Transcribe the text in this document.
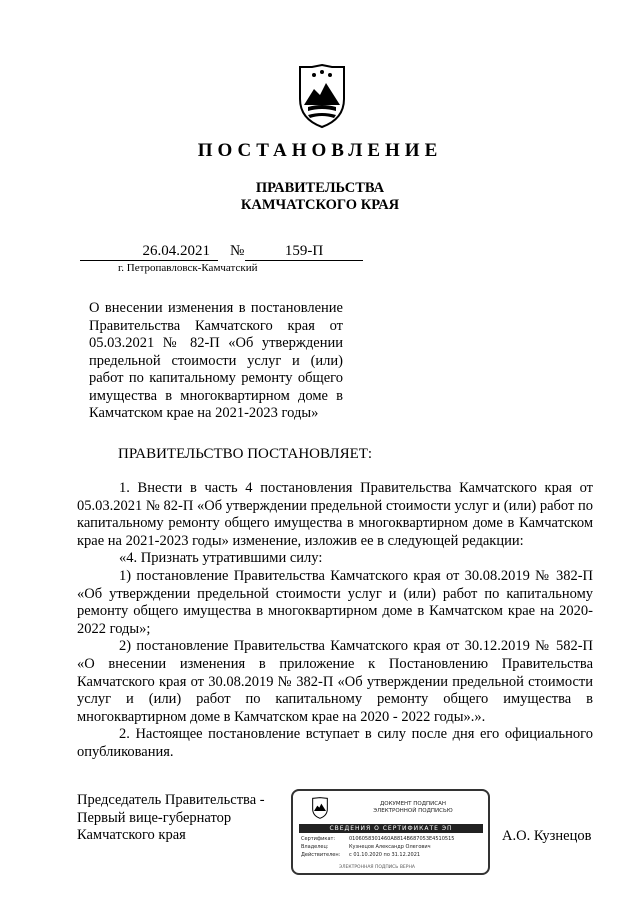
ПОСТАНОВЛЕНИЕ
ПРАВИТЕЛЬСТВА
КАМЧАТСКОГО КРАЯ
26.04.2021	№	159-П
г. Петропавловск-Камчатский
О внесении изменения в постановление Правительства Камчатского края от 05.03.2021 № 82-П «Об утверждении предельной стоимости услуг и (или) работ по капитальному ремонту общего имущества в многоквартирном доме в Камчатском крае на 2021-2023 годы»
ПРАВИТЕЛЬСТВО ПОСТАНОВЛЯЕТ:

1. Внести в часть 4 постановления Правительства Камчатского края от 05.03.2021 № 82-П «Об утверждении предельной стоимости услуг и (или) работ по капитальному ремонту общего имущества в многоквартирном доме в Камчатском крае на 2021-2023 годы» изменение, изложив ее в следующей редакции:

«4. Признать утратившими силу:

1) постановление Правительства Камчатского края от 30.08.2019 № 382-П «Об утверждении предельной стоимости услуг и (или) работ по капитальному ремонту общего имущества в многоквартирном доме в Камчатском крае на 2020-2022 годы»;

2) постановление Правительства Камчатского края от 30.12.2019 № 582-П «О внесении изменения в приложение к Постановлению Правительства Камчатского края от 30.08.2019 № 382-П «Об утверждении предельной стоимости услуг и (или) работ по капитальному ремонту общего имущества в многоквартирном доме в Камчатском крае на 2020 - 2022 годы».».

2. Настоящее постановление вступает в силу после дня его официального опубликования.

Председатель Правительства -
Первый вице-губернатор
Камчатского края
ДОКУМЕНТ ПОДПИСАН
ЭЛЕКТРОННОЙ ПОДПИСЬЮ
СВЕДЕНИЯ О СЕРТИФИКАТЕ ЭП
Сертификат:	0106058301460A8814B687053E4510515
Владелец:	Кузнецов Александр Олегович
Действителен: с 01.10.2020 по 31.12.2021
ЭЛЕКТРОННАЯ ПОДПИСЬ ВЕРНА
А.О. Кузнецов
